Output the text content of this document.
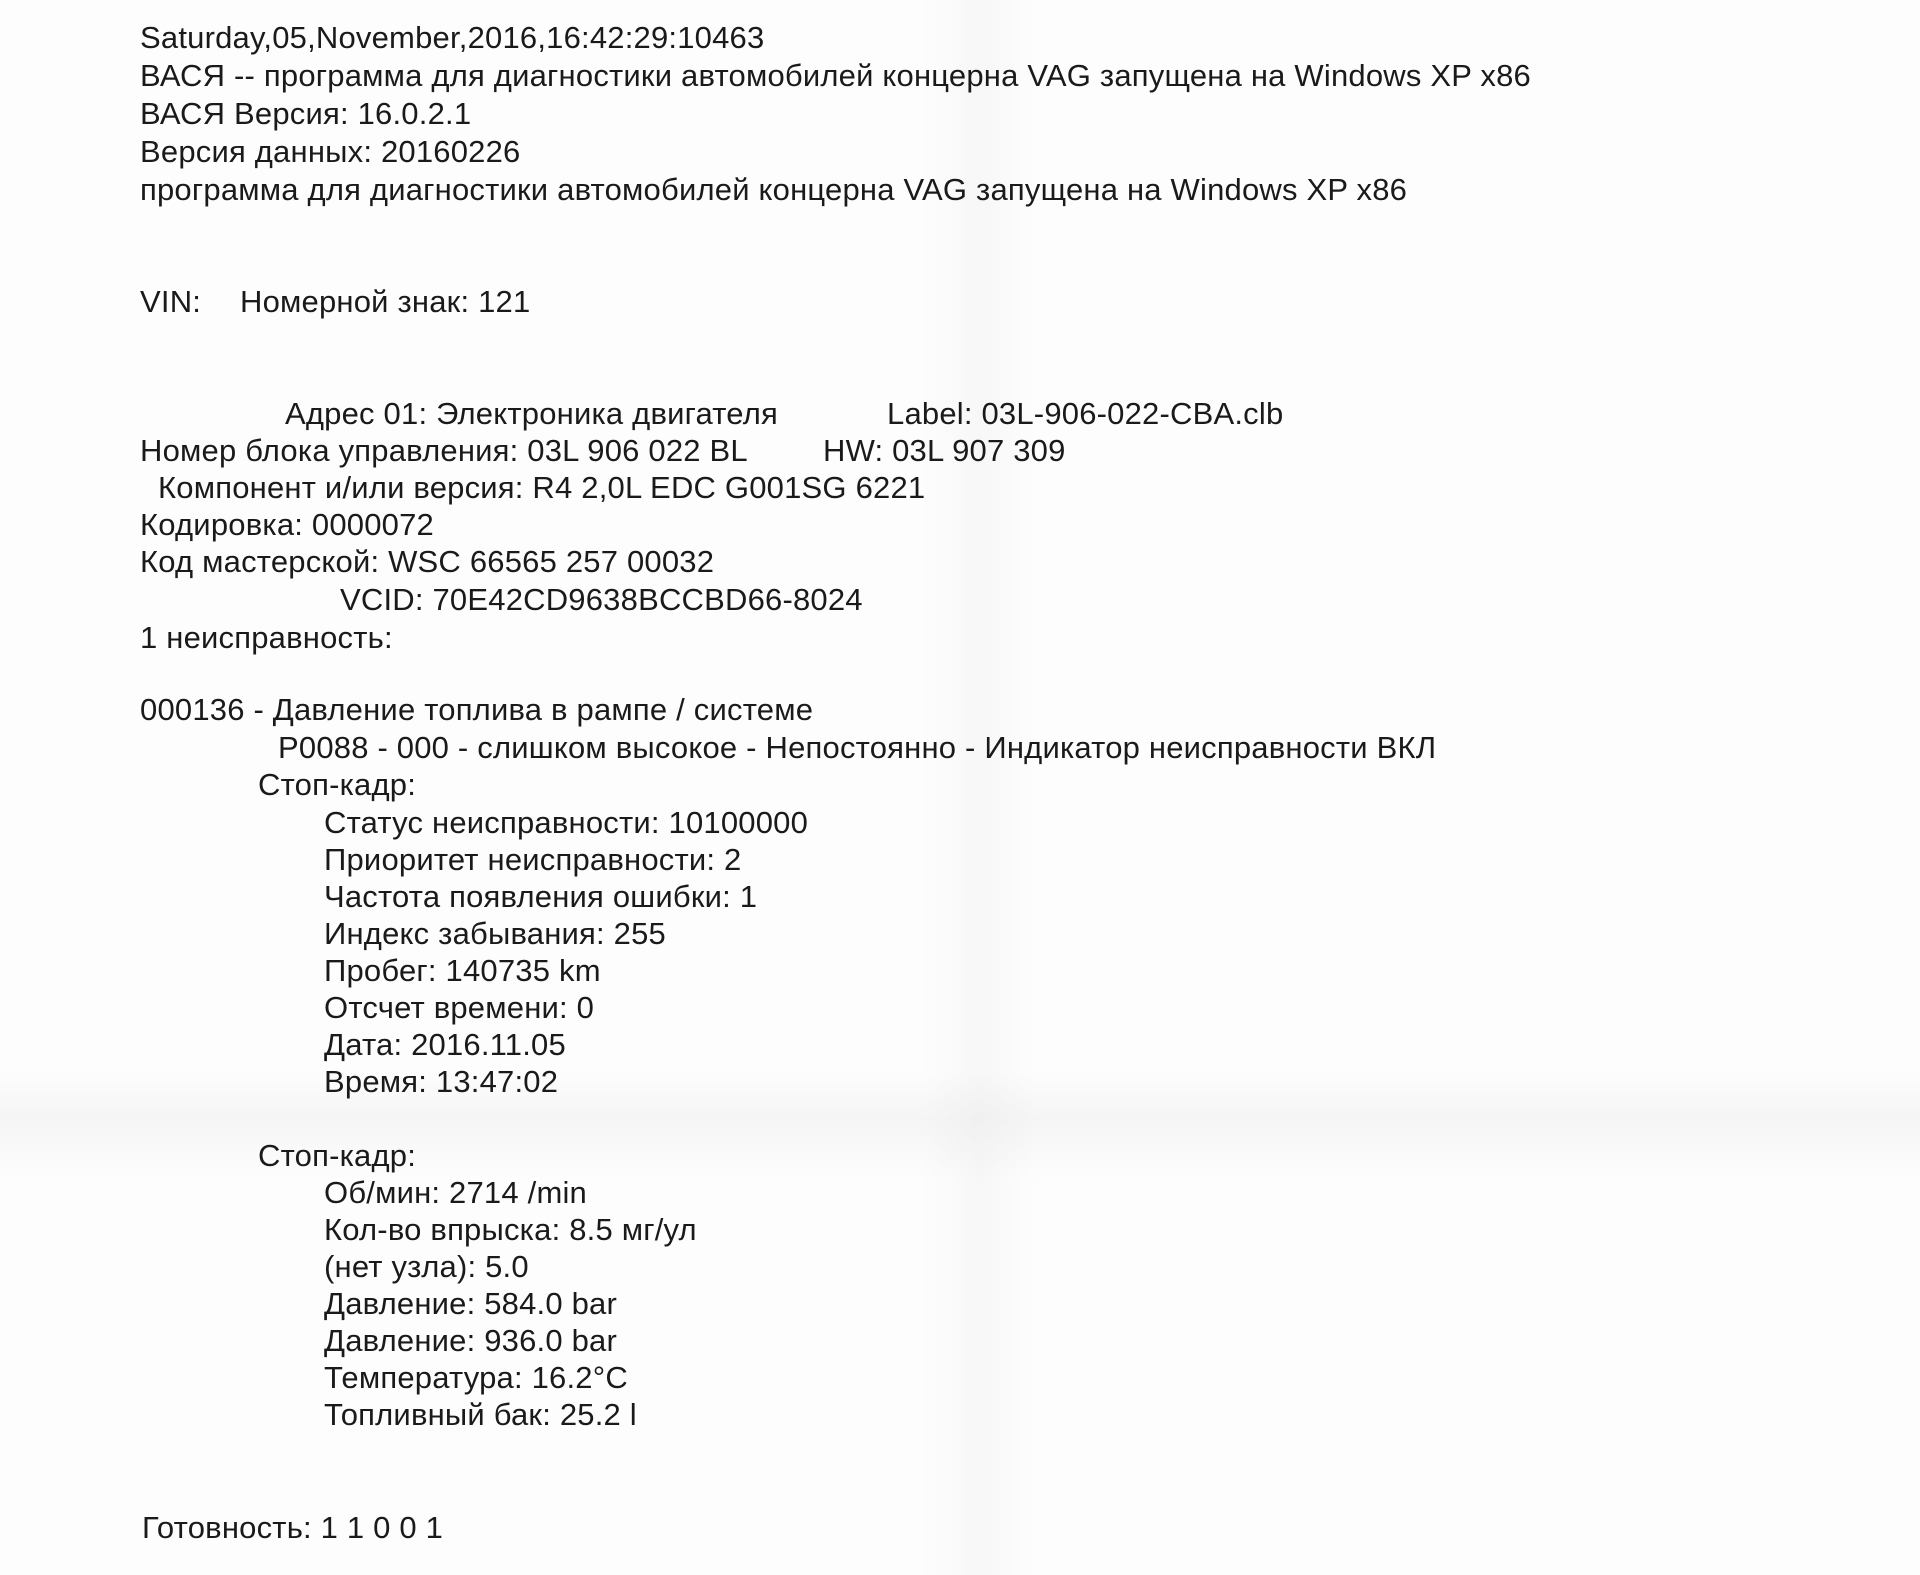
Saturday,05,November,2016,16:42:29:10463
ВАСЯ -- программа для диагностики автомобилей концерна VAG запущена на Windows XP x86
ВАСЯ Версия: 16.0.2.1
Версия данных: 20160226
программа для диагностики автомобилей концерна VAG запущена на Windows XP x86
VIN: Номерной знак: 121
Адрес 01: Электроника двигателя	Label: 03L-906-022-CBA.clb
Номер блока управления: 03L 906 022 BL HW: 03L 907 309
Компонент и/или версия: R4 2,0L EDC G001SG 6221
Кодировка: 0000072
Код мастерской: WSC 66565 257 00032
VCID: 70E42CD9638BCCBD66-8024
1 неисправность:
000136 - Давление топлива в рампе / системе
P0088 - 000 - слишком высокое - Непостоянно - Индикатор неисправности ВКЛ
Стоп-кадр:
Статус неисправности: 10100000
Приоритет неисправности: 2
Частота появления ошибки: 1
Индекс забывания: 255
Пробег: 140735 km
Отсчет времени: 0
Дата: 2016.11.05
Время: 13:47:02
Стоп-кадр:
Об/мин: 2714 /min
Кол-во впрыска: 8.5 мг/ул
(нет узла): 5.0
Давление: 584.0 bar
Давление: 936.0 bar
Температура: 16.2°C
Топливный бак: 25.2 l
Готовность: 1 1 0 0 1
